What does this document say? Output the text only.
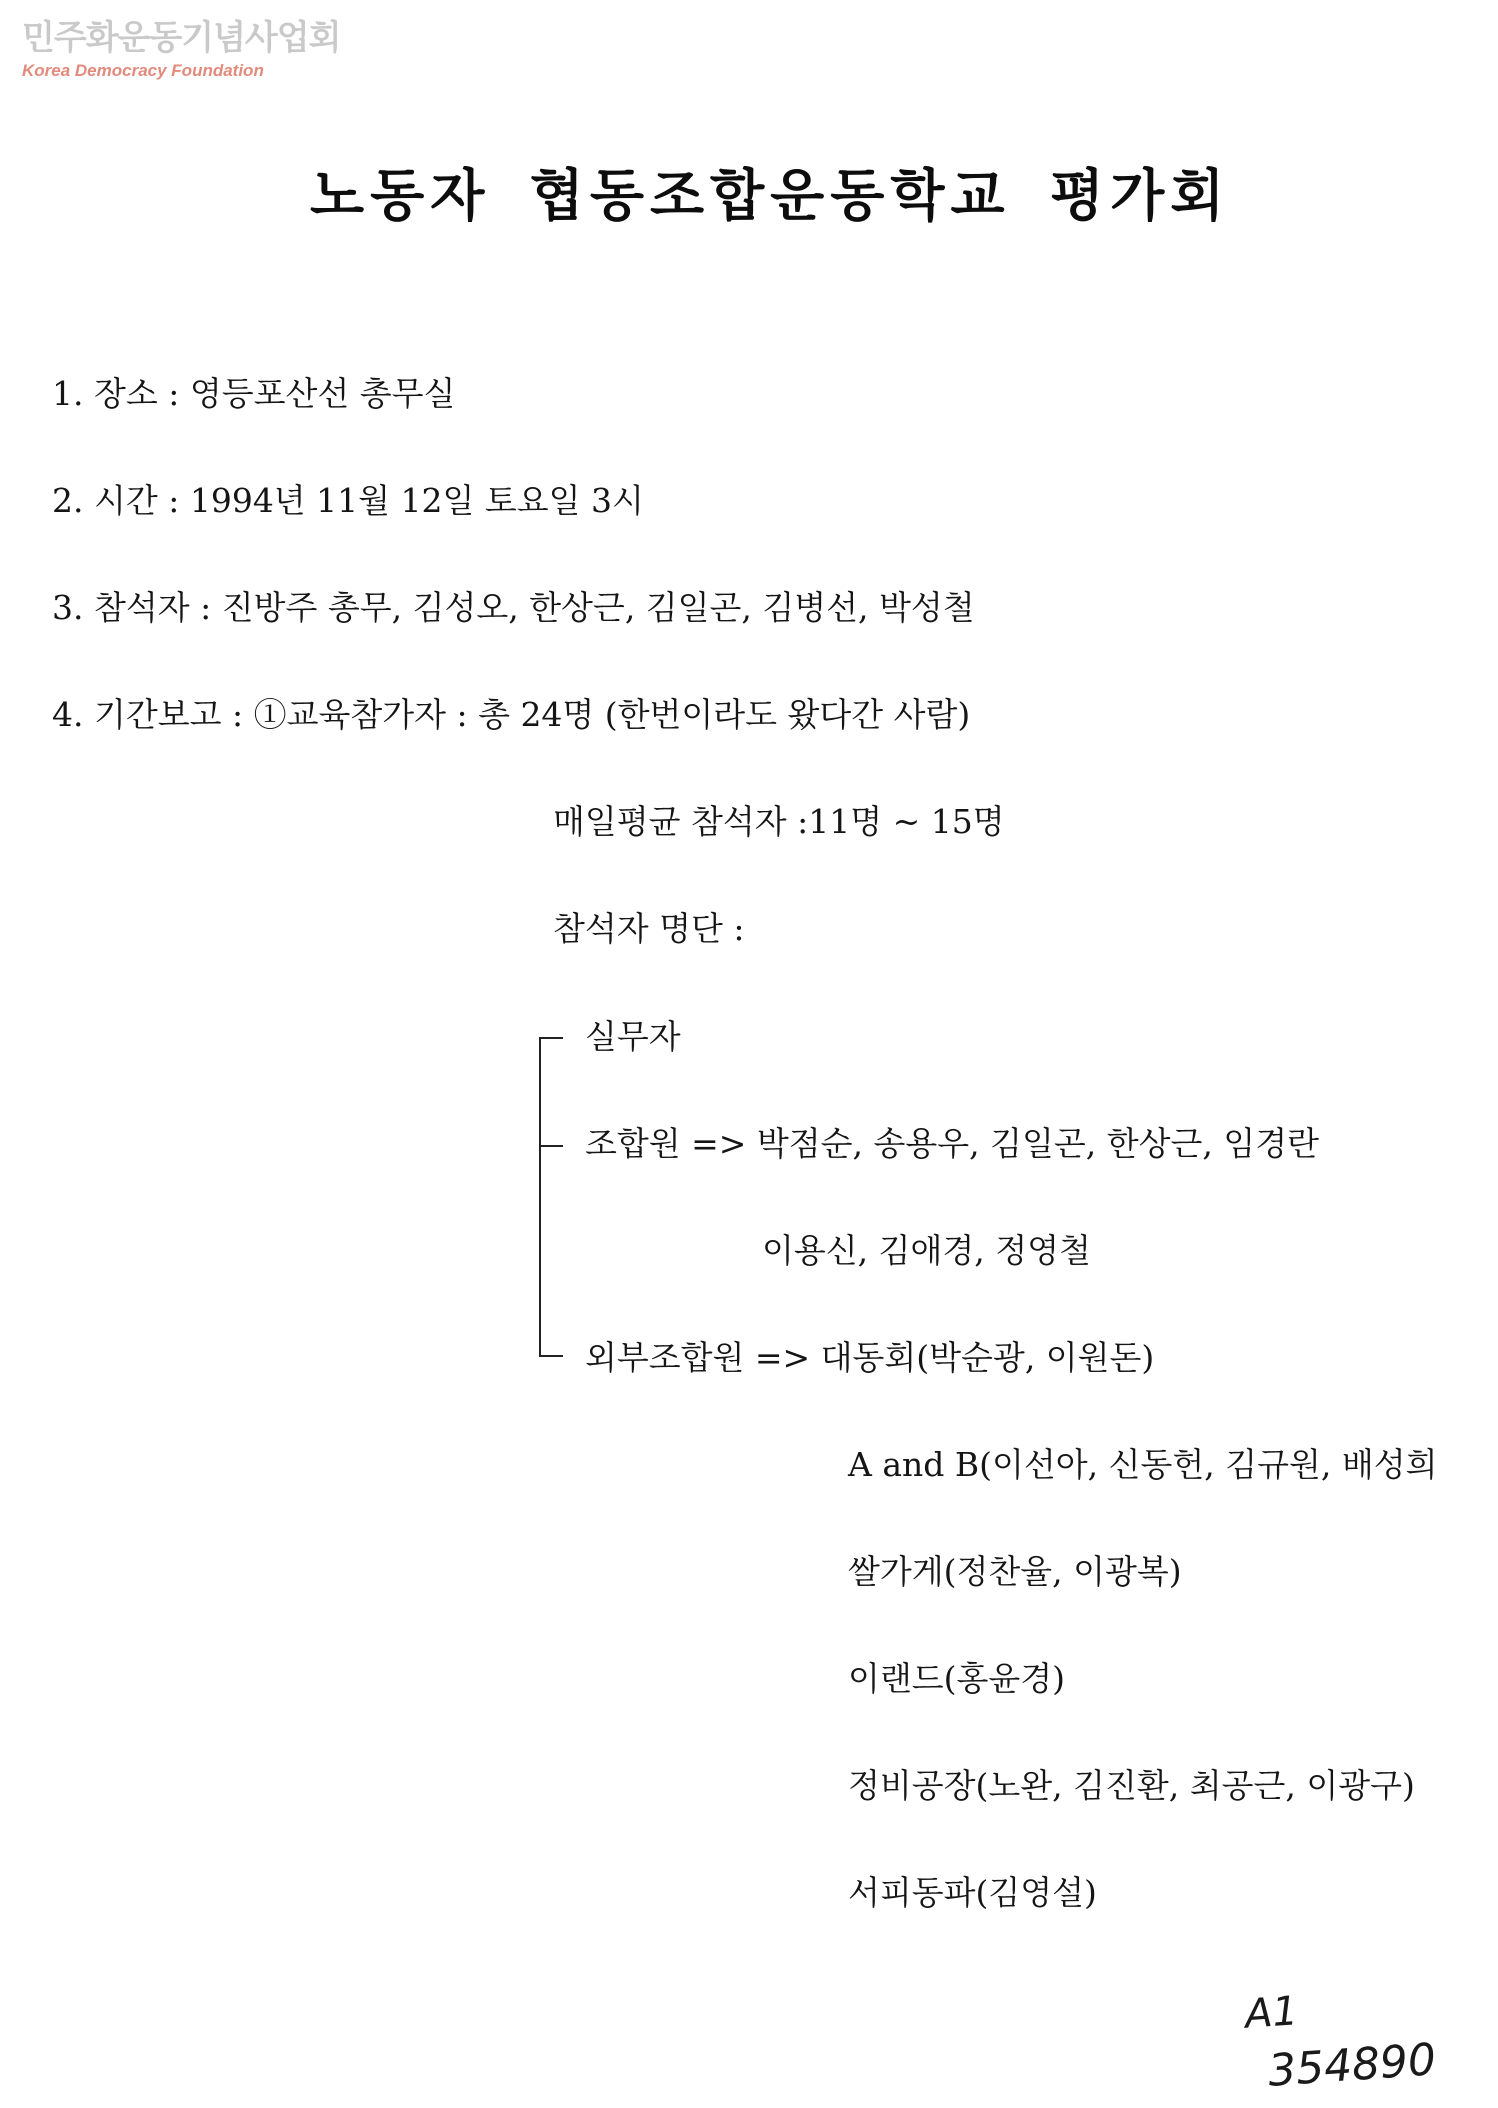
민주화운동기념사업회
Korea Democracy Foundation
노동자 협동조합운동학교 평가회
1. 장소 : 영등포산선 총무실
2. 시간 : 1994년 11월 12일 토요일 3시
3. 참석자 : 진방주 총무, 김성오, 한상근, 김일곤, 김병선, 박성철
4. 기간보고 : ①교육참가자 : 총 24명 (한번이라도 왔다간 사람)
매일평균 참석자 :11명 ~ 15명
참석자 명단 :
실무자
조합원 => 박점순, 송용우, 김일곤, 한상근, 임경란
이용신, 김애경, 정영철
외부조합원 => 대동회(박순광, 이원돈)
A and B(이선아, 신동헌, 김규원, 배성희
쌀가게(정찬율, 이광복)
이랜드(홍윤경)
정비공장(노완, 김진환, 최공근, 이광구)
서피동파(김영설)
A1
354890
